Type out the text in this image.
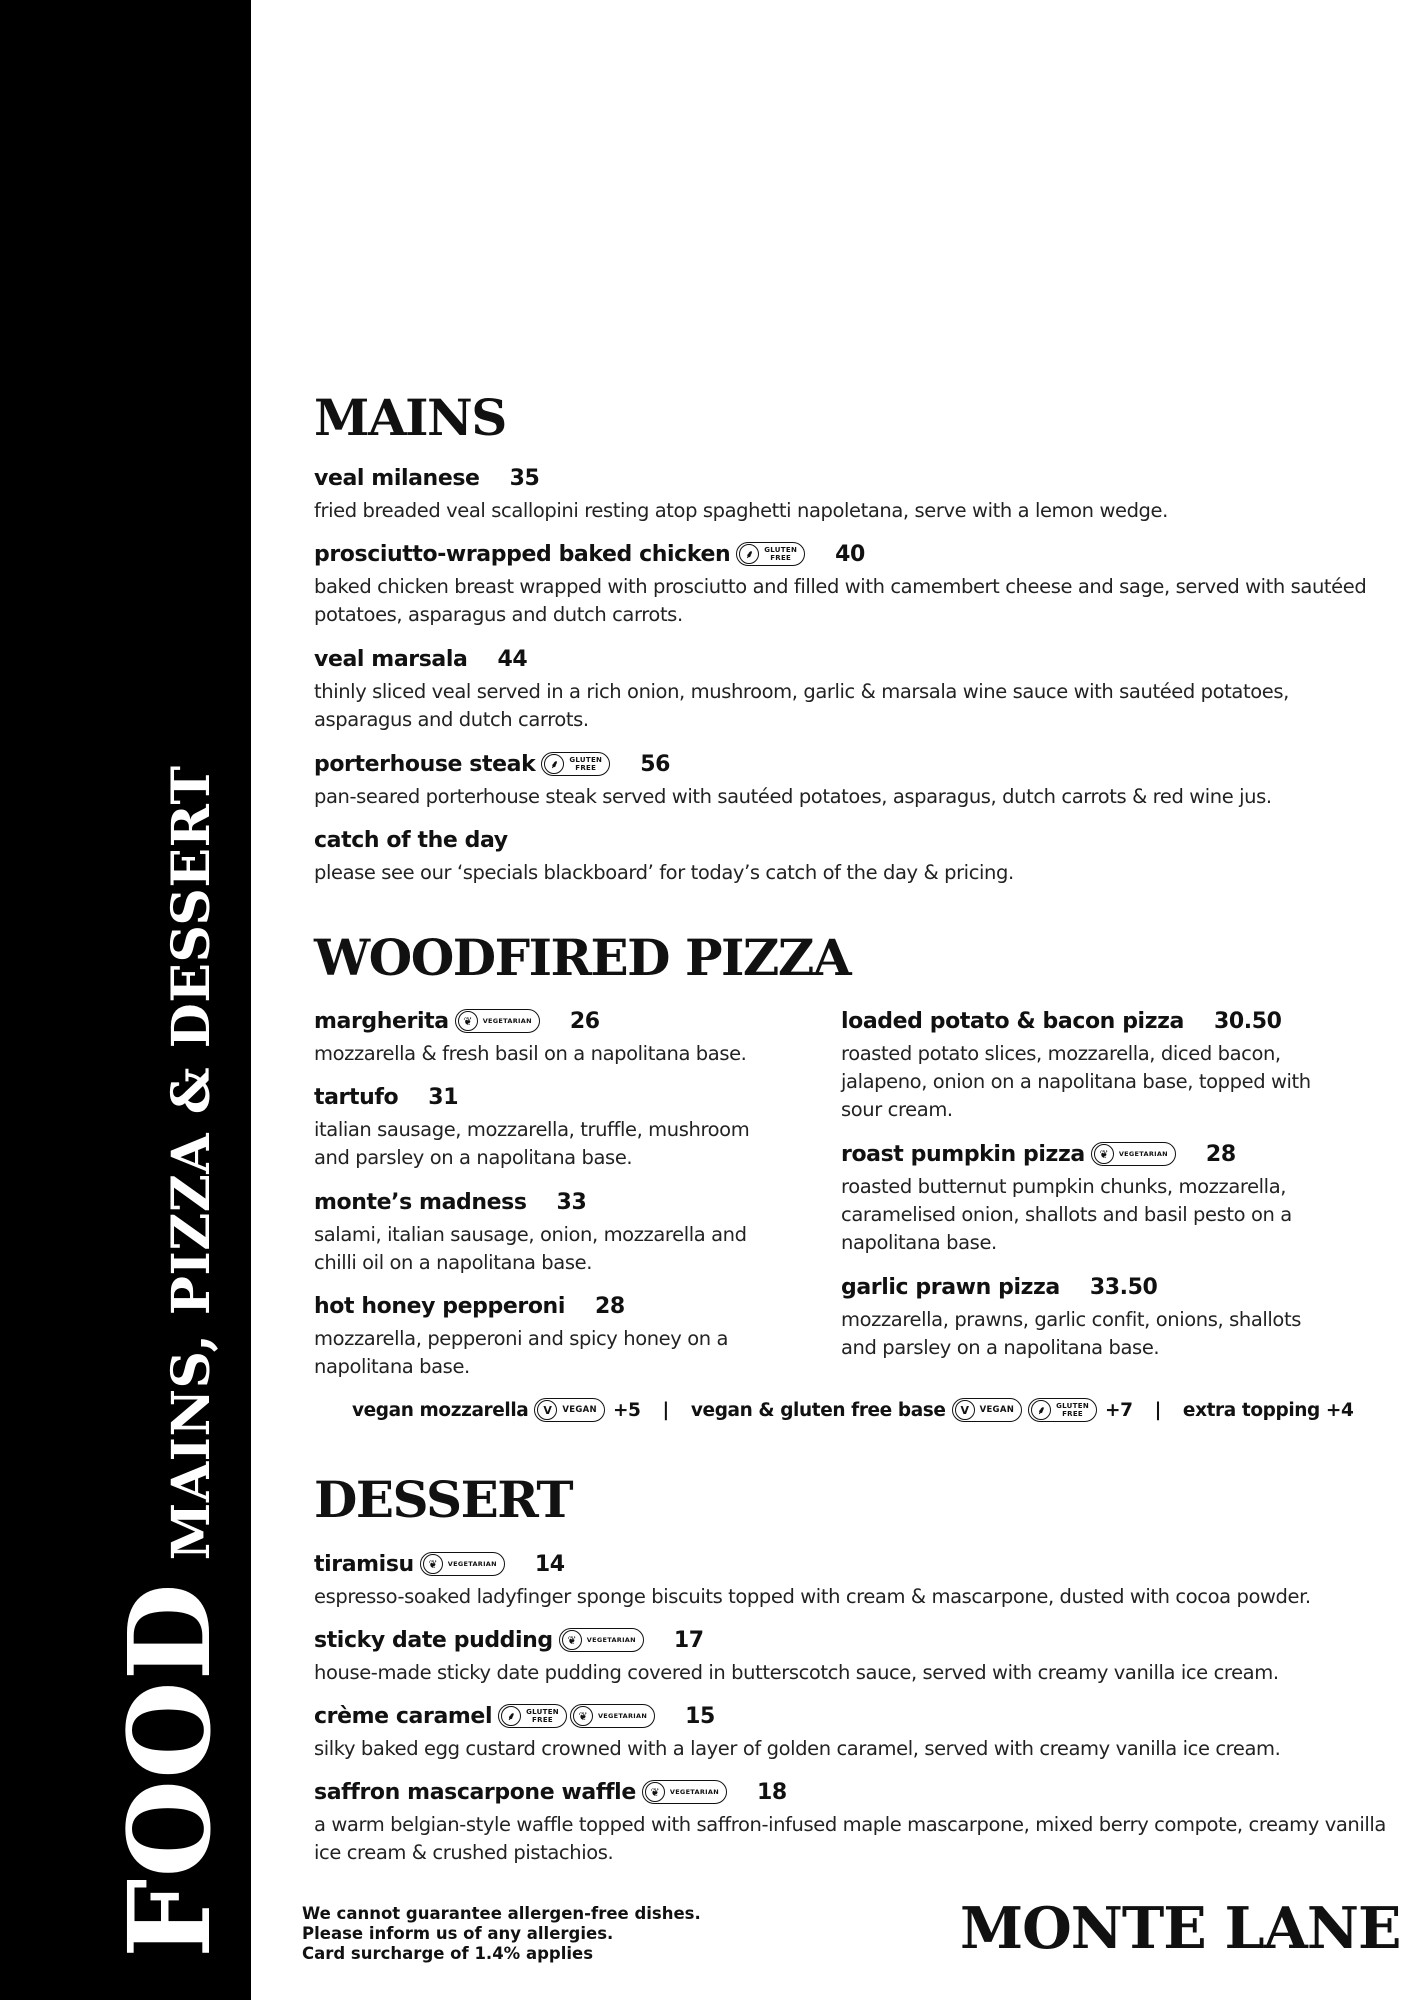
FOOD
MAINS, PIZZA & DESSERT
MAINS
WOODFIRED PIZZA
DESSERT
veal milanese 35
fried breaded veal scallopini resting atop spaghetti napoletana, serve with a lemon wedge.
prosciutto-wrapped baked chicken	⸙	GLUTEN
FREE 40
baked chicken breast wrapped with prosciutto and filled with camembert cheese and sage, served with sautéed potatoes, asparagus and dutch carrots.
veal marsala 44
thinly sliced veal served in a rich onion, mushroom, garlic & marsala wine sauce with sautéed potatoes, asparagus and dutch carrots.
porterhouse steak	⸙	GLUTEN
FREE 56
pan-seared porterhouse steak served with sautéed potatoes, asparagus, dutch carrots & red wine jus.
catch of the day
please see our ‘specials blackboard’ for today’s catch of the day & pricing.
margherita	❦	VEGETARIAN 26
mozzarella & fresh basil on a napolitana base.
tartufo 31
italian sausage, mozzarella, truffle, mushroom and parsley on a napolitana base.
monte’s madness 33
salami, italian sausage, onion, mozzarella and chilli oil on a napolitana base.
hot honey pepperoni 28
mozzarella, pepperoni and spicy honey on a napolitana base.
loaded potato & bacon pizza 30.50
roasted potato slices, mozzarella, diced bacon, jalapeno, onion on a napolitana base, topped with sour cream.
roast pumpkin pizza	❦	VEGETARIAN 28
roasted butternut pumpkin chunks, mozzarella, caramelised onion, shallots and basil pesto on a napolitana base.
garlic prawn pizza 33.50
mozzarella, prawns, garlic confit, onions, shallots and parsley on a napolitana base.
vegan mozzarella	V	VEGAN +5 | vegan & gluten free base	V	VEGAN	⸙	GLUTEN
FREE	+7 | extra topping +4
tiramisu	❦	VEGETARIAN 14
espresso-soaked ladyfinger sponge biscuits topped with cream & mascarpone, dusted with cocoa powder.
sticky date pudding	❦	VEGETARIAN 17
house-made sticky date pudding covered in butterscotch sauce, served with creamy vanilla ice cream.
crème caramel	⸙	GLUTEN
FREE	❦	VEGETARIAN 15
silky baked egg custard crowned with a layer of golden caramel, served with creamy vanilla ice cream.
saffron mascarpone waffle	❦	VEGETARIAN 18
a warm belgian-style waffle topped with saffron-infused maple mascarpone, mixed berry compote, creamy vanilla ice cream & crushed pistachios.
We cannot guarantee allergen-free dishes.
Please inform us of any allergies.
Card surcharge of 1.4% applies	MONTE LANE
